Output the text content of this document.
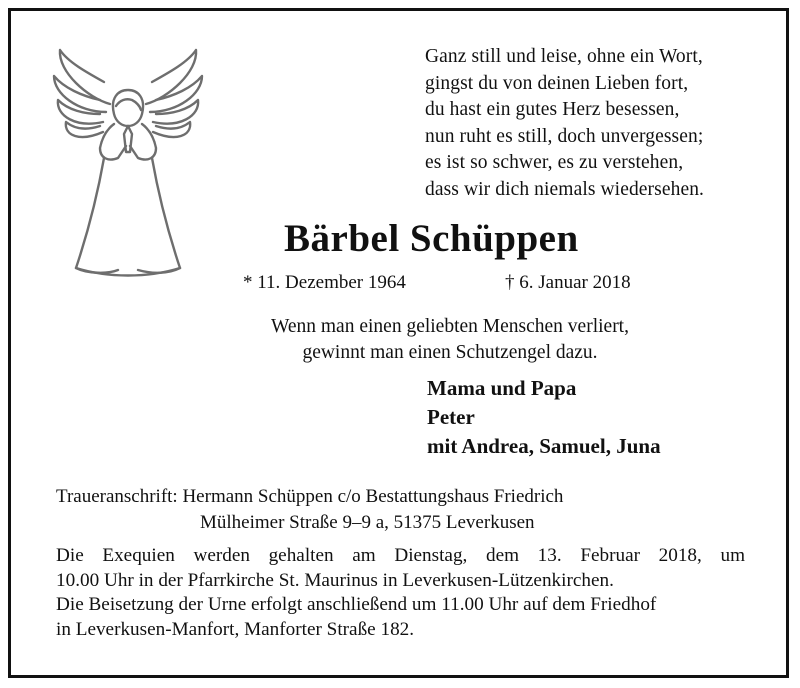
Ganz still und leise, ohne ein Wort,
gingst du von deinen Lieben fort,
du hast ein gutes Herz besessen,
nun ruht es still, doch unvergessen;
es ist so schwer, es zu verstehen,
dass wir dich niemals wiedersehen.
Bärbel Schüppen
* 11. Dezember 1964	† 6. Januar 2018
Wenn man einen geliebten Menschen verliert,
gewinnt man einen Schutzengel dazu.
Mama und Papa
Peter
mit Andrea, Samuel, Juna
Traueranschrift: Hermann Schüppen c/o Bestattungshaus Friedrich
Mülheimer Straße 9–9 a, 51375 Leverkusen
Die Exequien werden gehalten am Dienstag, dem 13. Februar 2018, um
10.00 Uhr in der Pfarrkirche St. Maurinus in Leverkusen-Lützenkirchen.
Die Beisetzung der Urne erfolgt anschließend um 11.00 Uhr auf dem Friedhof
in Leverkusen-Manfort, Manforter Straße 182.
